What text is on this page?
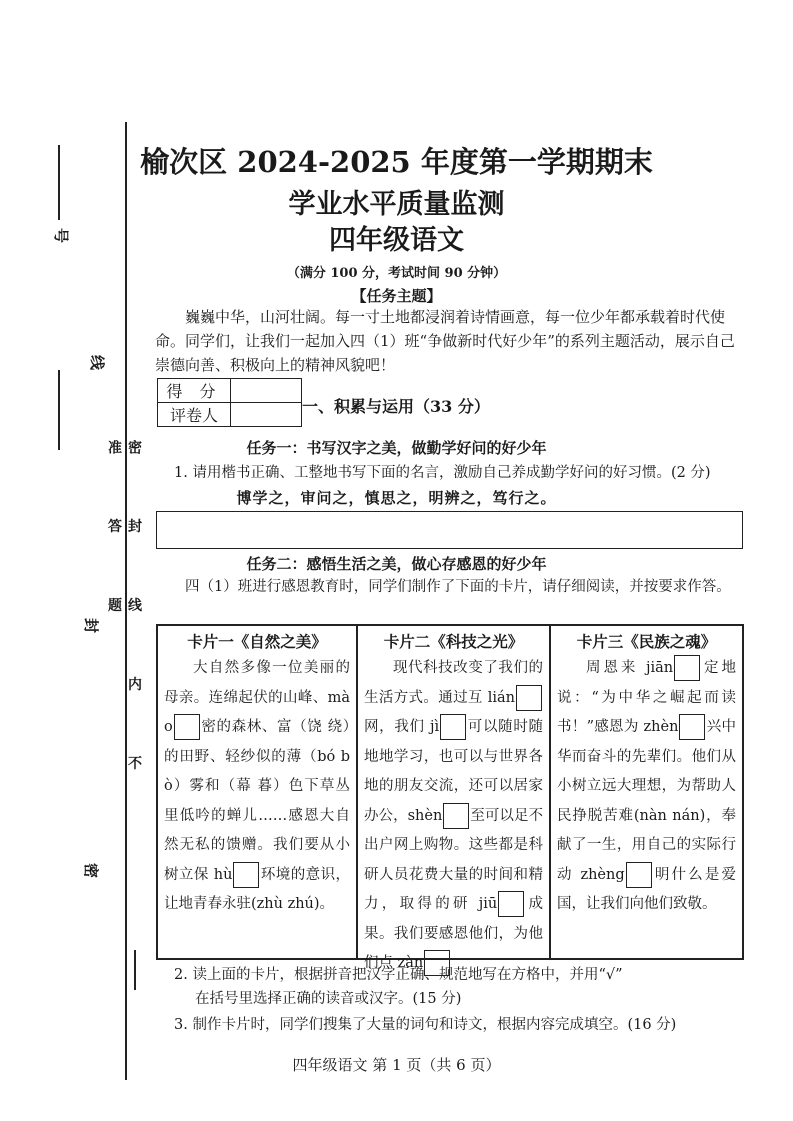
号
线
封
密
密 封 线 内 不 准 答 题
榆次区 2024-2025 年度第一学期期末
学业水平质量监测
四年级语文
（满分 100 分，考试时间 90 分钟）
【任务主题】
巍巍中华，山河壮阔。每一寸土地都浸润着诗情画意，每一位少年都承载着时代使命。同学们，让我们一起加入四（1）班“争做新时代好少年”的系列主题活动，展示自己崇德向善、积极向上的精神风貌吧！
得 分	
评卷人		一、积累与运用（33 分）
任务一：书写汉字之美，做勤学好问的好少年
1. 请用楷书正确、工整地书写下面的名言，激励自己养成勤学好问的好习惯。(2 分)
博学之，审问之，慎思之，明辨之，笃行之。
任务二：感悟生活之美，做心存感恩的好少年
四（1）班进行感恩教育时，同学们制作了下面的卡片，请仔细阅读，并按要求作答。
卡片一《自然之美》

大自然多像一位美丽的母亲。连绵起伏的山峰、mào 密的森林、富（饶 绕）的田野、轻纱似的薄（bó bò）雾和（幕 暮）色下草丛里低吟的蝉儿……感恩大自然无私的馈赠。我们要从小树立保 hù 环境的意识，让地青春永驻(zhù zhú)。

卡片二《科技之光》

现代科技改变了我们的生活方式。通过互 lián网，我们 jì 可以随时随地地学习，也可以与世界各地的朋友交流，还可以居家办公，shèn 至可以足不出户网上购物。这些都是科研人员花费大量的时间和精力，取得的研 jiū 成果。我们要感恩他们，为他们点 zàn

卡片三《民族之魂》

周恩来 jiān 定地说：“为中华之崛起而读书！”感恩为 zhèn 兴中华而奋斗的先辈们。他们从小树立远大理想，为帮助人民挣脱苦难(nàn nán)，奉献了一生，用自己的实际行动 zhèng 明什么是爱国，让我们向他们致敬。

2. 读上面的卡片，根据拼音把汉字正确、规范地写在方格中，并用“√”
在括号里选择正确的读音或汉字。(15 分)
3. 制作卡片时，同学们搜集了大量的词句和诗文，根据内容完成填空。(16 分)
四年级语文 第 1 页（共 6 页）
